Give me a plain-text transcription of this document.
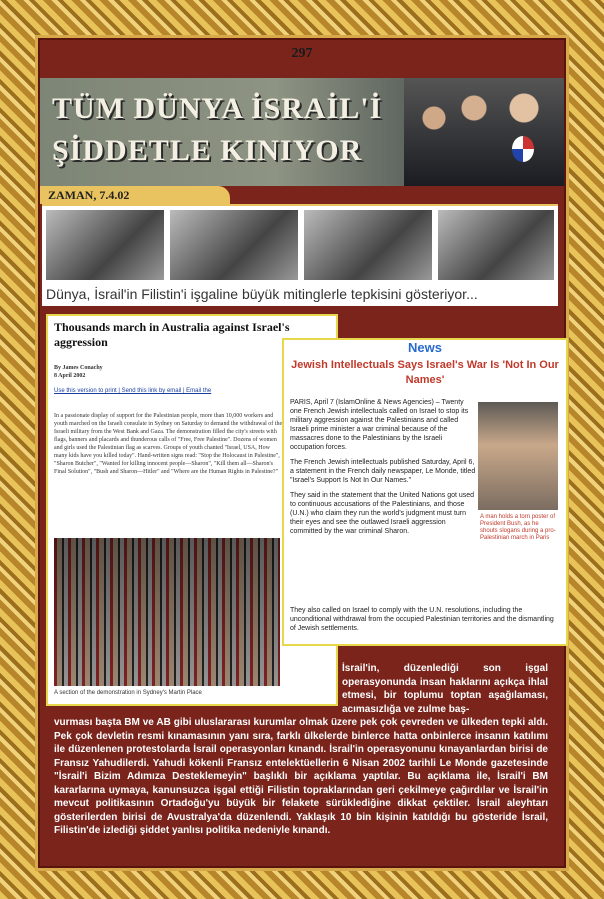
297
TÜM DÜNYA İSRAİL'İ
ŞİDDETLE KINIYOR
ZAMAN, 7.4.02
Dünya, İsrail'in Filistin'i işgaline büyük mitinglerle tepkisini gösteriyor...
Thousands march in Australia against Israel's aggression
By James Conachy
8 April 2002
Use this version to print | Send this link by email | Email the
In a passionate display of support for the Palestinian people, more than 10,000 workers and youth marched on the Israeli consulate in Sydney on Saturday to demand the withdrawal of the Israeli military from the West Bank and Gaza. The demonstration filled the city's streets with flags, banners and placards and thunderous calls of "Free, Free Palestine". Dozens of women and girls used the Palestinian flag as scarves. Groups of youth chanted "Israel, USA, How many kids have you killed today". Hand-written signs read: "Stop the Holocaust in Palestine", "Sharon Butcher", "Wanted for killing innocent people—Sharon", "Kill them all—Sharon's Final Solution", "Bush and Sharon—Hitler" and "Where are the Human Rights in Palestine?"
A section of the demonstration in Sydney's Martin Place
News
Jewish Intellectuals Says Israel's War Is 'Not In Our Names'

PARIS, April 7 (IslamOnline & News Agencies) – Twenty one French Jewish intellectuals called on Israel to stop its military aggression against the Palestinians and called Israeli prime minister a war criminal because of the massacres done to the Palestinians by the Israeli occupation forces.

The French Jewish intellectuals published Saturday, April 6, a statement in the French daily newspaper, Le Monde, titled "Israel's Support Is Not In Our Names."

They said in the statement that the United Nations got used to continuous accusations of the Palestinians, and those (U.N.) who claim they run the world's judgment must turn their eyes and see the outlawed Israeli aggression committed by the war criminal Sharon.

A man holds a torn poster of President Bush, as he shouts slogans during a pro-Palestinian march in Paris
They also called on Israel to comply with the U.N. resolutions, including the unconditional withdrawal from the occupied Palestinian territories and the dismantling of Jewish settlements.
İsrail'in, düzenlediği son işgal operasyonunda insan haklarını açıkça ihlal etmesi, bir toplumu toptan aşağılaması, acımasızlığa ve zulme baş-
vurması başta BM ve AB gibi uluslararası kurumlar olmak üzere pek çok çevreden ve ülkeden tepki aldı. Pek çok devletin resmi kınamasının yanı sıra, farklı ülkelerde binlerce hatta onbinlerce insanın katılımı ile düzenlenen protestolarda İsrail operasyonları kınandı. İsrail'in operasyonunu kınayanlardan birisi de Fransız Yahudilerdi. Yahudi kökenli Fransız entelektüellerin 6 Nisan 2002 tarihli Le Monde gazetesinde "İsrail'i Bizim Adımıza Desteklemeyin" başlıklı bir açıklama yaptılar. Bu açıklama ile, İsrail'i BM kararlarına uymaya, kanunsuzca işgal ettiği Filistin topraklarından geri çekilmeye çağırdılar ve İsrail'in mevcut politikasının Ortadoğu'yu büyük bir felakete sürüklediğine dikkat çektiler. İsrail aleyhtarı gösterilerden birisi de Avustralya'da düzenlendi. Yaklaşık 10 bin kişinin katıldığı bu gösteride İsrail, Filistin'de izlediği şiddet yanlısı politika nedeniyle kınandı.
